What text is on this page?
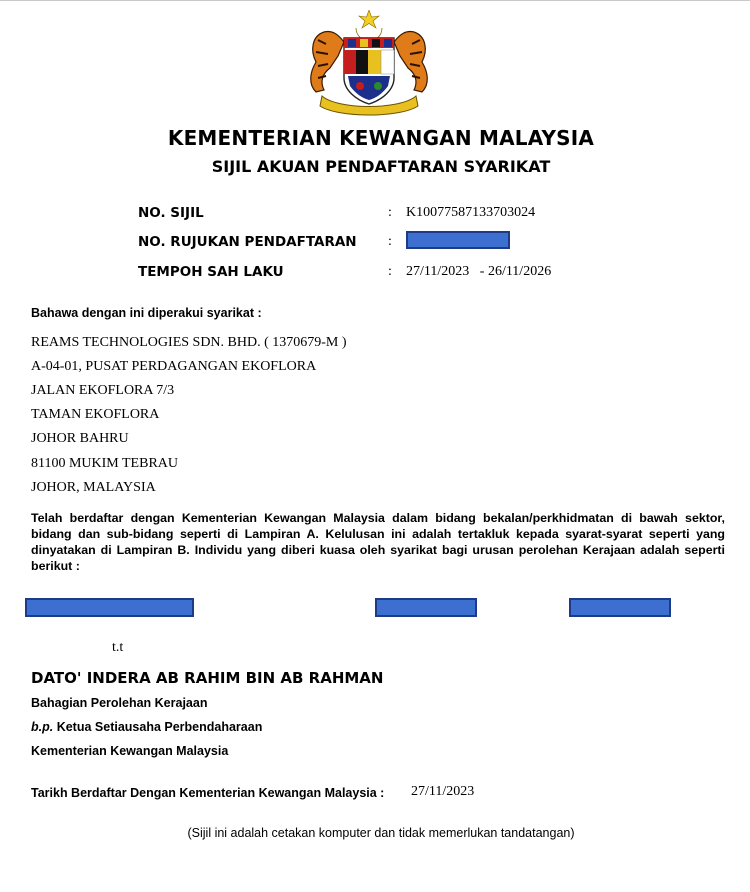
KEMENTERIAN KEWANGAN MALAYSIA
SIJIL AKUAN PENDAFTARAN SYARIKAT
NO. SIJIL	: K10077587133703024
NO. RUJUKAN PENDAFTARAN :
TEMPOH SAH LAKU	: 27/11/2023 - 26/11/2026
Bahawa dengan ini diperakui syarikat :
REAMS TECHNOLOGIES SDN. BHD. ( 1370679-M )
A-04-01, PUSAT PERDAGANGAN EKOFLORA
JALAN EKOFLORA 7/3
TAMAN EKOFLORA
JOHOR BAHRU
81100 MUKIM TEBRAU
JOHOR, MALAYSIA
Telah berdaftar dengan Kementerian Kewangan Malaysia dalam bidang bekalan/perkhidmatan di bawah sektor, bidang dan sub-bidang seperti di Lampiran A. Kelulusan ini adalah tertakluk kepada syarat-syarat seperti yang dinyatakan di Lampiran B. Individu yang diberi kuasa oleh syarikat bagi urusan perolehan Kerajaan adalah seperti berikut :
t.t
DATO' INDERA AB RAHIM BIN AB RAHMAN
Bahagian Perolehan Kerajaan
b.p. Ketua Setiausaha Perbendaharaan
Kementerian Kewangan Malaysia
Tarikh Berdaftar Dengan Kementerian Kewangan Malaysia : 27/11/2023
(Sijil ini adalah cetakan komputer dan tidak memerlukan tandatangan)
